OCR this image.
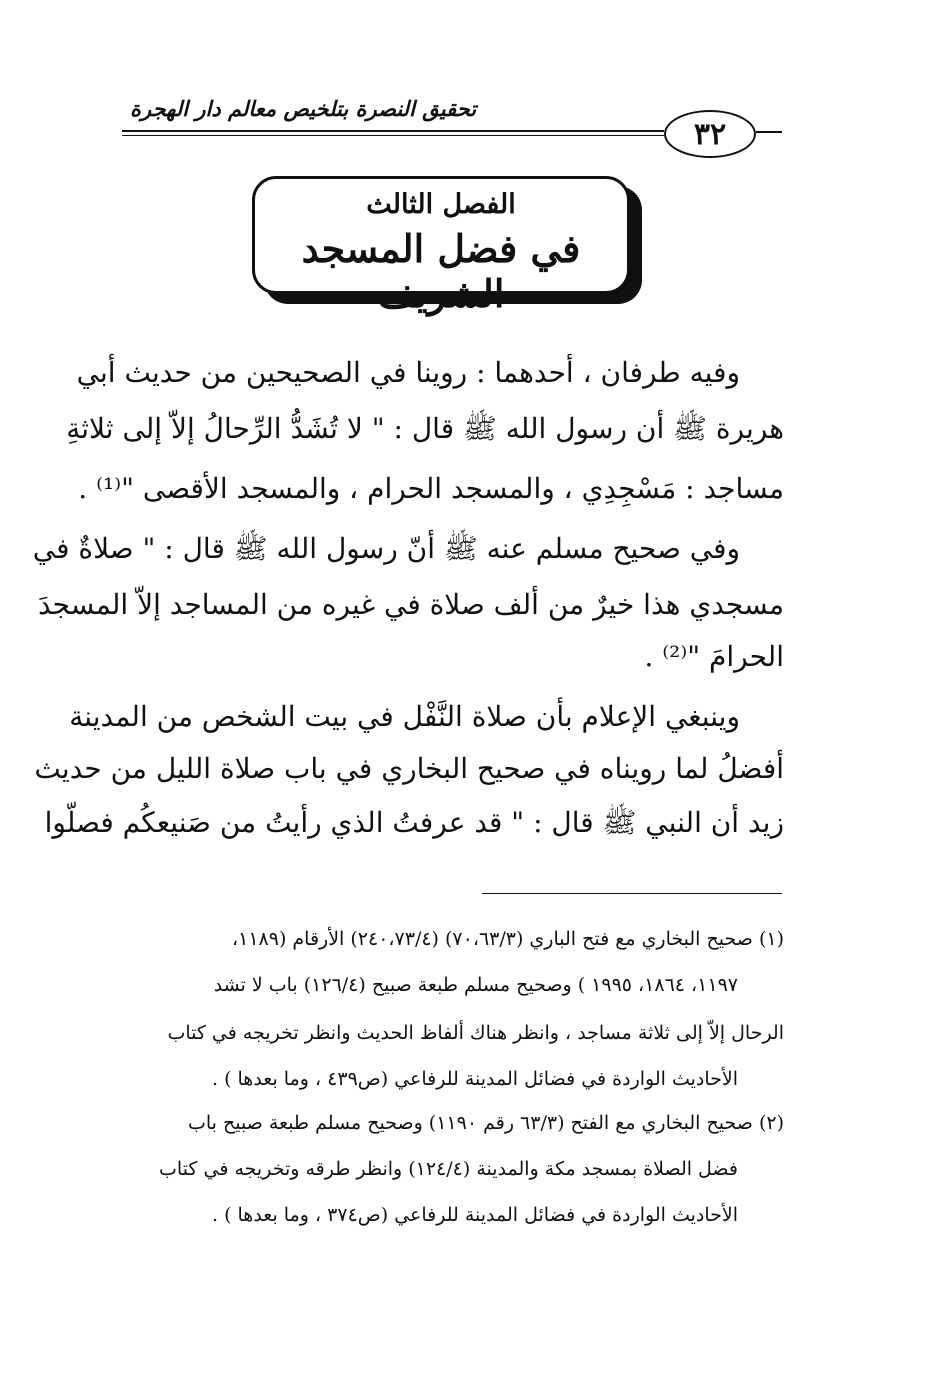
تحقيق النصرة بتلخيص معالم دار الهجرة
٣٢
الفصل الثالث
في فضل المسجد الشريف
وفيه طرفان ، أحدهما : روينا في الصحيحين من حديث أبي
هريرة ﷺ أن رسول الله ﷺ قال : " لا تُشَدُّ الرِّحالُ إلاّ إلى ثلاثةِ
مساجد : مَسْجِدِي ، والمسجد الحرام ، والمسجد الأقصى "⁽¹⁾ .
وفي صحيح مسلم عنه ﷺ أنّ رسول الله ﷺ قال : " صلاةٌ في
مسجدي هذا خيرٌ من ألف صلاة في غيره من المساجد إلاّ المسجدَ
الحرامَ "⁽²⁾ .
وينبغي الإعلام بأن صلاة النَّفْل في بيت الشخص من المدينة
أفضلُ لما رويناه في صحيح البخاري في باب صلاة الليل من حديث
زيد أن النبي ﷺ قال : " قد عرفتُ الذي رأيتُ من صَنيعكُم فصلّوا
(١) صحيح البخاري مع فتح الباري (٧٠،٦٣/٣) (٢٤٠،٧٣/٤) الأرقام (١١٨٩،
١١٩٧، ١٨٦٤، ١٩٩٥ ) وصحيح مسلم طبعة صبيح (١٢٦/٤) باب لا تشد
الرحال إلاّ إلى ثلاثة مساجد ، وانظر هناك ألفاظ الحديث وانظر تخريجه في كتاب
الأحاديث الواردة في فضائل المدينة للرفاعي (ص٤٣٩ ، وما بعدها ) .
(٢) صحيح البخاري مع الفتح (٦٣/٣ رقم ١١٩٠) وصحيح مسلم طبعة صبيح باب
فضل الصلاة بمسجد مكة والمدينة (١٢٤/٤) وانظر طرقه وتخريجه في كتاب
الأحاديث الواردة في فضائل المدينة للرفاعي (ص٣٧٤ ، وما بعدها ) .
